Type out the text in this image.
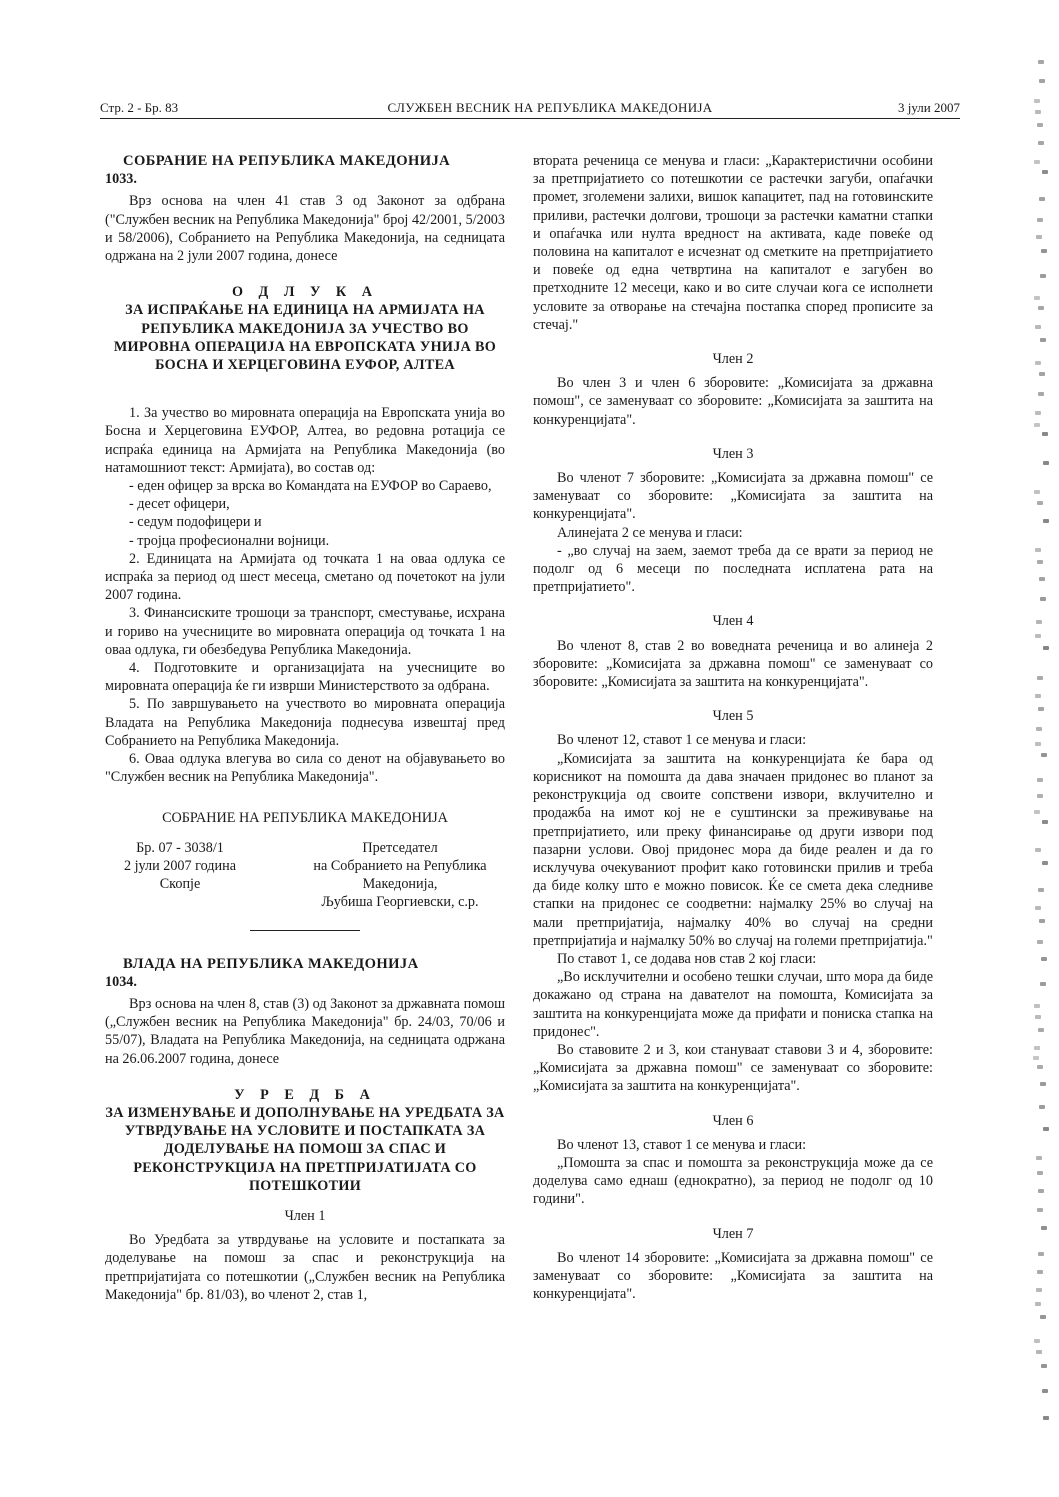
Стр. 2 - Бр. 83	СЛУЖБЕН ВЕСНИК НА РЕПУБЛИКА МАКЕДОНИЈА	3 јули 2007

СОБРАНИЕ НА РЕПУБЛИКА МАКЕДОНИЈА

1033.

Врз основа на член 41 став 3 од Законот за одбрана ("Службен весник на Република Македонија" број 42/2001, 5/2003 и 58/2006), Собранието на Република Македонија, на седницата одржана на 2 јули 2007 година, донесе

О Д Л У К А

ЗА ИСПРАЌАЊЕ НА ЕДИНИЦА НА АРМИЈАТА НА РЕПУБЛИКА МАКЕДОНИЈА ЗА УЧЕСТВО ВО МИРОВНА ОПЕРАЦИЈА НА ЕВРОПСКАТА УНИЈА ВО БОСНА И ХЕРЦЕГОВИНА ЕУФОР, АЛТЕА

1. За учество во мировната операција на Европската унија во Босна и Херцеговина ЕУФОР, Алтеа, во редовна ротација се испраќа единица на Армијата на Република Македонија (во натамошниот текст: Армијата), во состав од:

- еден офицер за врска во Командата на ЕУФОР во Сараево,

- десет офицери,

- седум подофицери и

- тројца професионални војници.

2. Единицата на Армијата од точката 1 на оваа одлука се испраќа за период од шест месеца, сметано од почетокот на јули 2007 година.

3. Финансиските трошоци за транспорт, сместување, исхрана и гориво на учесниците во мировната операција од точката 1 на оваа одлука, ги обезбедува Република Македонија.

4. Подготовките и организацијата на учесниците во мировната операција ќе ги изврши Министерството за одбрана.

5. По завршувањето на учеството во мировната операција Владата на Република Македонија поднесува извештај пред Собранието на Република Македонија.

6. Оваа одлука влегува во сила со денот на објавувањето во "Службен весник на Република Македонија".

СОБРАНИЕ НА РЕПУБЛИКА МАКЕДОНИЈА

Бр. 07 - 3038/1
2 јули 2007 година
Скопје
Претседател
на Собранието на Република
Македонија,
Љубиша Георгиевски, с.р.

ВЛАДА НА РЕПУБЛИКА МАКЕДОНИЈА

1034.

Врз основа на член 8, став (3) од Законот за државната помош („Службен весник на Република Македонија" бр. 24/03, 70/06 и 55/07), Владата на Република Македонија, на седницата одржана на 26.06.2007 година, донесе

У Р Е Д Б А

ЗА ИЗМЕНУВАЊЕ И ДОПОЛНУВАЊЕ НА УРЕДБАТА ЗА УТВРДУВАЊЕ НА УСЛОВИТЕ И ПОСТАПКАТА ЗА ДОДЕЛУВАЊЕ НА ПОМОШ ЗА СПАС И РЕКОНСТРУКЦИЈА НА ПРЕТПРИЈАТИЈАТА СО ПОТЕШКОТИИ

Член 1

Во Уредбата за утврдување на условите и постапката за доделување на помош за спас и реконструкција на претпријатијата со потешкотии („Службен весник на Република Македонија" бр. 81/03), во членот 2, став 1,

втората реченица се менува и гласи: „Карактеристични особини за претпријатието со потешкотии се растечки загуби, опаѓачки промет, зголемени залихи, вишок капацитет, пад на готовинските приливи, растечки долгови, трошоци за растечки каматни стапки и опаѓачка или нулта вредност на активата, каде повеќе од половина на капиталот е исчезнат од сметките на претпријатието и повеќе од една четвртина на капиталот е загубен во претходните 12 месеци, како и во сите случаи кога се исполнети условите за отворање на стечајна постапка според прописите за стечај."

Член 2

Во член 3 и член 6 зборовите: „Комисијата за државна помош", се заменуваат со зборовите: „Комисијата за заштита на конкуренцијата".

Член 3

Во членот 7 зборовите: „Комисијата за државна помош" се заменуваат со зборовите: „Комисијата за заштита на конкуренцијата".

Алинејата 2 се менува и гласи:

- „во случај на заем, заемот треба да се врати за период не подолг од 6 месеци по последната исплатена рата на претпријатието".

Член 4

Во членот 8, став 2 во воведната реченица и во алинеја 2 зборовите: „Комисијата за државна помош" се заменуваат со зборовите: „Комисијата за заштита на конкуренцијата".

Член 5

Во членот 12, ставот 1 се менува и гласи:

„Комисијата за заштита на конкуренцијата ќе бара од корисникот на помошта да дава значаен придонес во планот за реконструкција од своите сопствени извори, вклучително и продажба на имот кој не е суштински за преживување на претпријатието, или преку финансирање од други извори под пазарни услови. Овој придонес мора да биде реален и да го исклучува очекуваниот профит како готовински прилив и треба да биде колку што е можно повисок. Ќе се смета дека следниве стапки на придонес се соодветни: најмалку 25% во случај на мали претпријатија, најмалку 40% во случај на средни претпријатија и најмалку 50% во случај на големи претпријатија."

По ставот 1, се додава нов став 2 кој гласи:

„Во исклучителни и особено тешки случаи, што мора да биде докажано од страна на давателот на помошта, Комисијата за заштита на конкуренцијата може да прифати и пониска стапка на придонес".

Во ставовите 2 и 3, кои стануваат ставови 3 и 4, зборовите: „Комисијата за државна помош" се заменуваат со зборовите: „Комисијата за заштита на конкуренцијата".

Член 6

Во членот 13, ставот 1 се менува и гласи:

„Помошта за спас и помошта за реконструкција може да се доделува само еднаш (еднократно), за период не подолг од 10 години".

Член 7

Во членот 14 зборовите: „Комисијата за државна помош" се заменуваат со зборовите: „Комисијата за заштита на конкуренцијата".
